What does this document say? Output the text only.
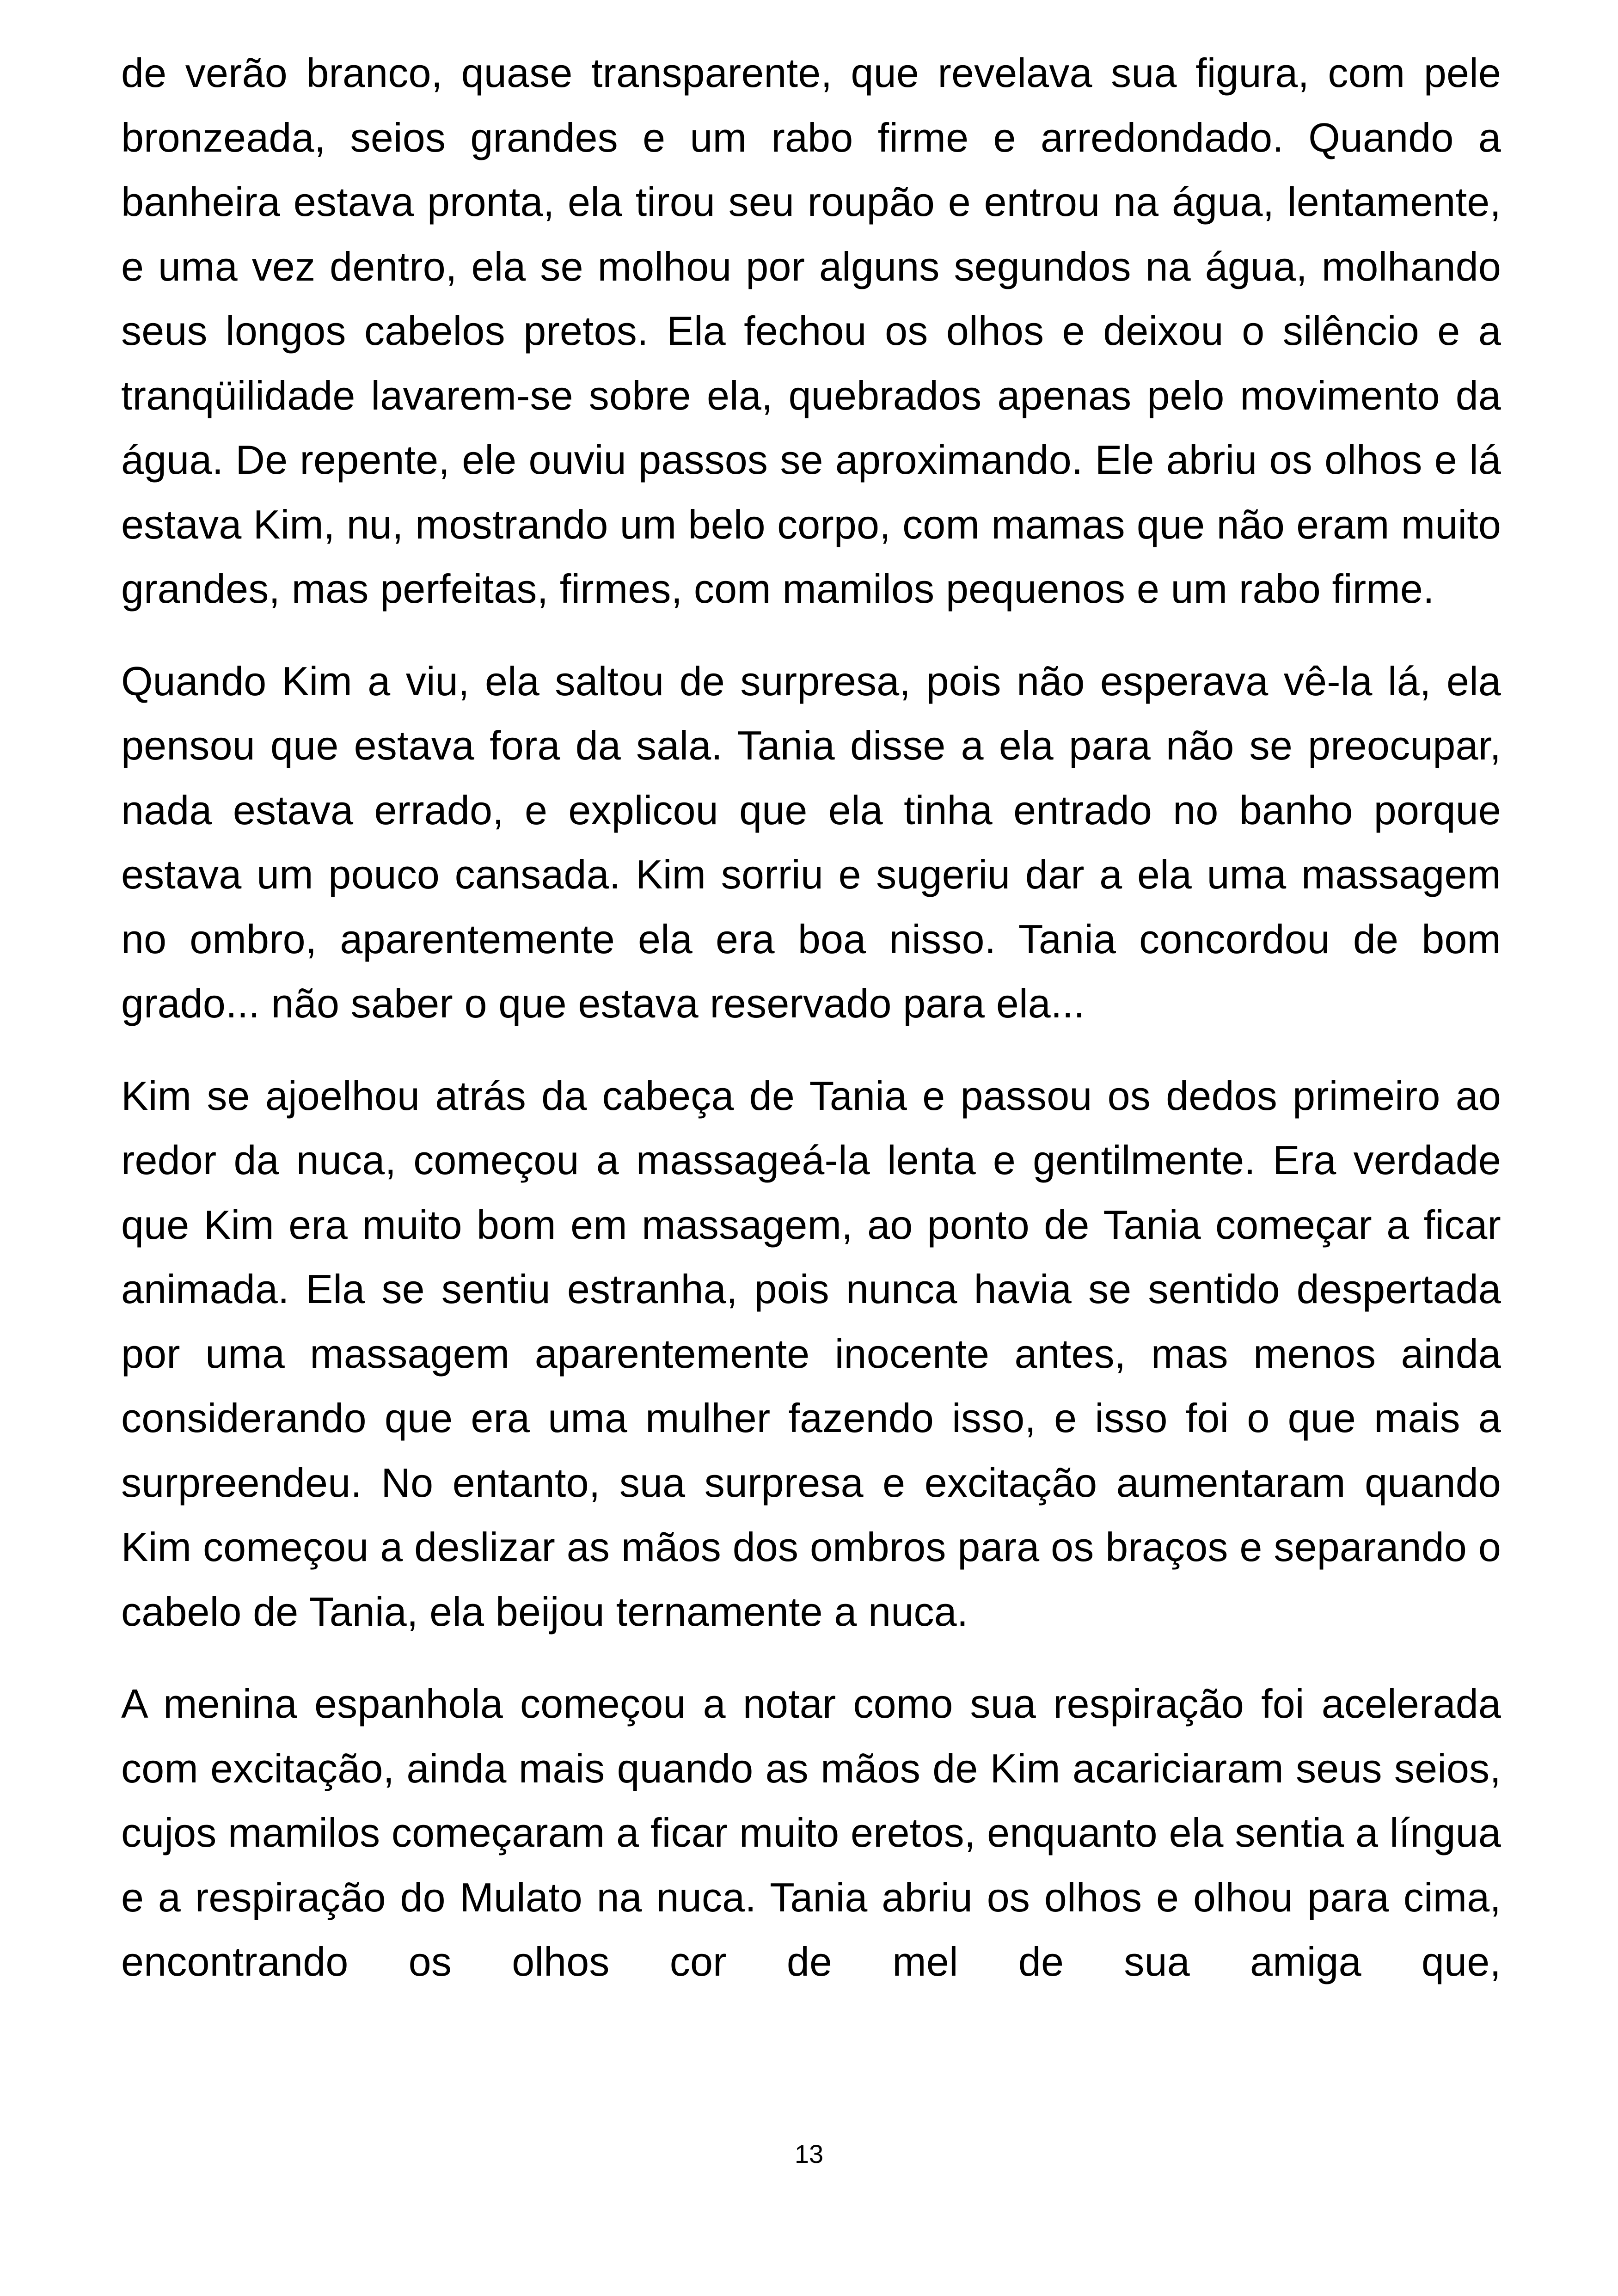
de verão branco, quase transparente, que revelava sua figura, com pele bronzeada, seios grandes e um rabo firme e arredondado. Quando a banheira estava pronta, ela tirou seu roupão e entrou na água, lentamente, e uma vez dentro, ela se molhou por alguns segundos na água, molhando seus longos cabelos pretos. Ela fechou os olhos e deixou o silêncio e a tranqüilidade lavarem-se sobre ela, quebrados apenas pelo movimento da água. De repente, ele ouviu passos se aproximando. Ele abriu os olhos e lá estava Kim, nu, mostrando um belo corpo, com mamas que não eram muito grandes, mas perfeitas, firmes, com mamilos pequenos e um rabo firme.

Quando Kim a viu, ela saltou de surpresa, pois não esperava vê-la lá, ela pensou que estava fora da sala. Tania disse a ela para não se preocupar, nada estava errado, e explicou que ela tinha entrado no banho porque estava um pouco cansada. Kim sorriu e sugeriu dar a ela uma massagem no ombro, aparentemente ela era boa nisso. Tania concordou de bom grado... não saber o que estava reservado para ela...

Kim se ajoelhou atrás da cabeça de Tania e passou os dedos primeiro ao redor da nuca, começou a massageá-la lenta e gentilmente. Era verdade que Kim era muito bom em massagem, ao ponto de Tania começar a ficar animada. Ela se sentiu estranha, pois nunca havia se sentido despertada por uma massagem aparentemente inocente antes, mas menos ainda considerando que era uma mulher fazendo isso, e isso foi o que mais a surpreendeu. No entanto, sua surpresa e excitação aumentaram quando Kim começou a deslizar as mãos dos ombros para os braços e separando o cabelo de Tania, ela beijou ternamente a nuca.

A menina espanhola começou a notar como sua respiração foi acelerada com excitação, ainda mais quando as mãos de Kim acariciaram seus seios, cujos mamilos começaram a ficar muito eretos, enquanto ela sentia a língua e a respiração do Mulato na nuca. Tania abriu os olhos e olhou para cima, encontrando os olhos cor de mel de sua amiga que,

13
